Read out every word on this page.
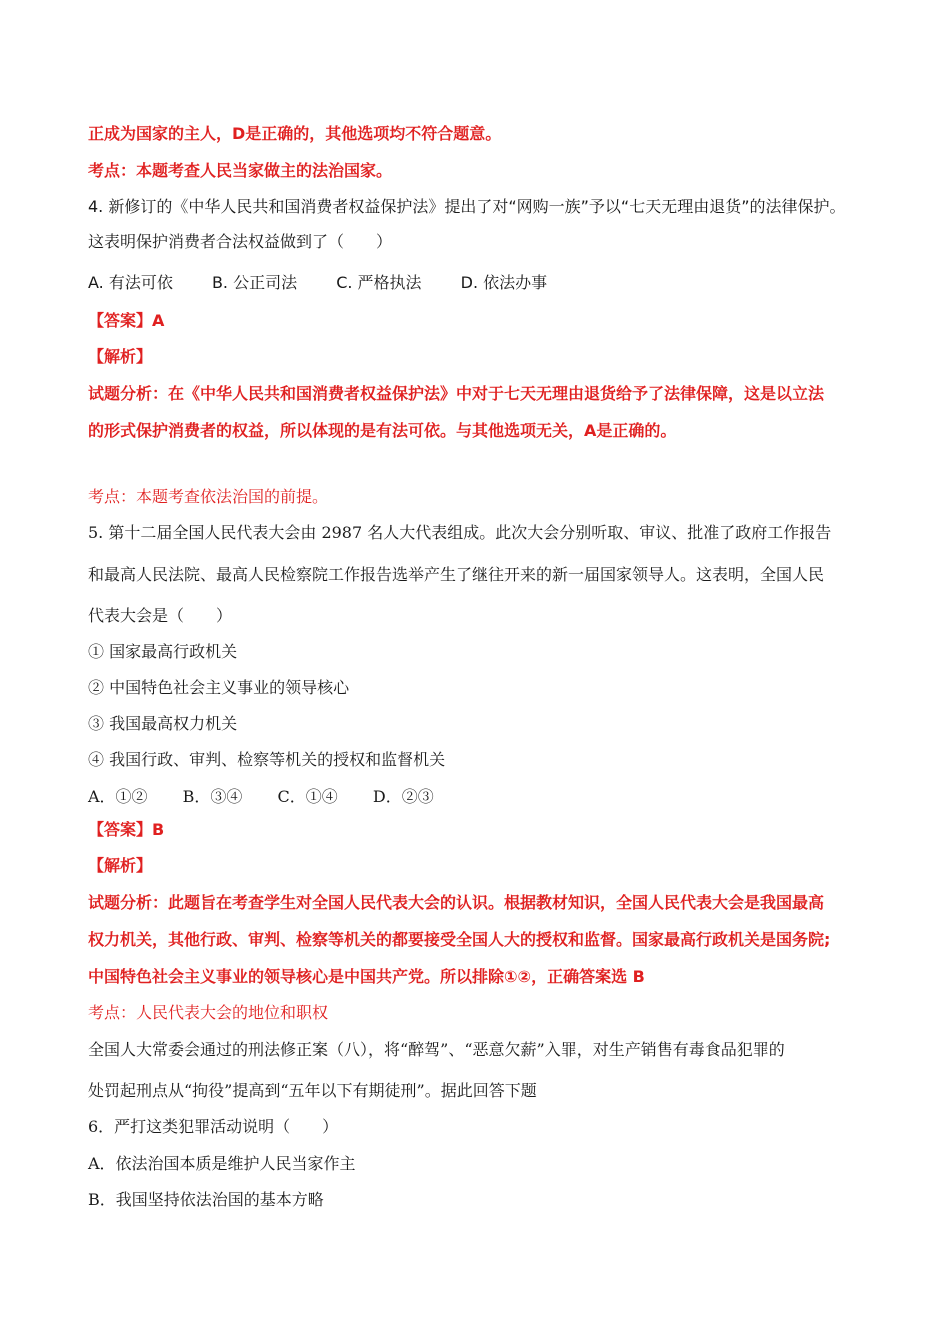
正成为国家的主人，D是正确的，其他选项均不符合题意。
考点：本题考查人民当家做主的法治国家。
4. 新修订的《中华人民共和国消费者权益保护法》提出了对“网购一族”予以“七天无理由退货”的法律保护。
这表明保护消费者合法权益做到了（　　）
A. 有法可依 B. 公正司法 C. 严格执法 D. 依法办事
【答案】A
【解析】
试题分析：在《中华人民共和国消费者权益保护法》中对于七天无理由退货给予了法律保障，这是以立法
的形式保护消费者的权益，所以体现的是有法可依。与其他选项无关，A是正确的。
考点：本题考查依法治国的前提。
5. 第十二届全国人民代表大会由 2987 名人大代表组成。此次大会分别听取、审议、批准了政府工作报告
和最高人民法院、最高人民检察院工作报告选举产生了继往开来的新一届国家领导人。这表明，全国人民
代表大会是（　　）
① 国家最高行政机关
② 中国特色社会主义事业的领导核心
③ 我国最高权力机关
④ 我国行政、审判、检察等机关的授权和监督机关
A．①② B．③④ C．①④ D．②③
【答案】B
【解析】
试题分析：此题旨在考查学生对全国人民代表大会的认识。根据教材知识，全国人民代表大会是我国最高
权力机关，其他行政、审判、检察等机关的都要接受全国人大的授权和监督。国家最高行政机关是国务院;
中国特色社会主义事业的领导核心是中国共产党。所以排除①②，正确答案选 B
考点：人民代表大会的地位和职权
全国人大常委会通过的刑法修正案（八），将“醉驾”、“恶意欠薪”入罪，对生产销售有毒食品犯罪的
处罚起刑点从“拘役”提高到“五年以下有期徒刑”。据此回答下题
6．严打这类犯罪活动说明（　　）
A．依法治国本质是维护人民当家作主
B．我国坚持依法治国的基本方略
